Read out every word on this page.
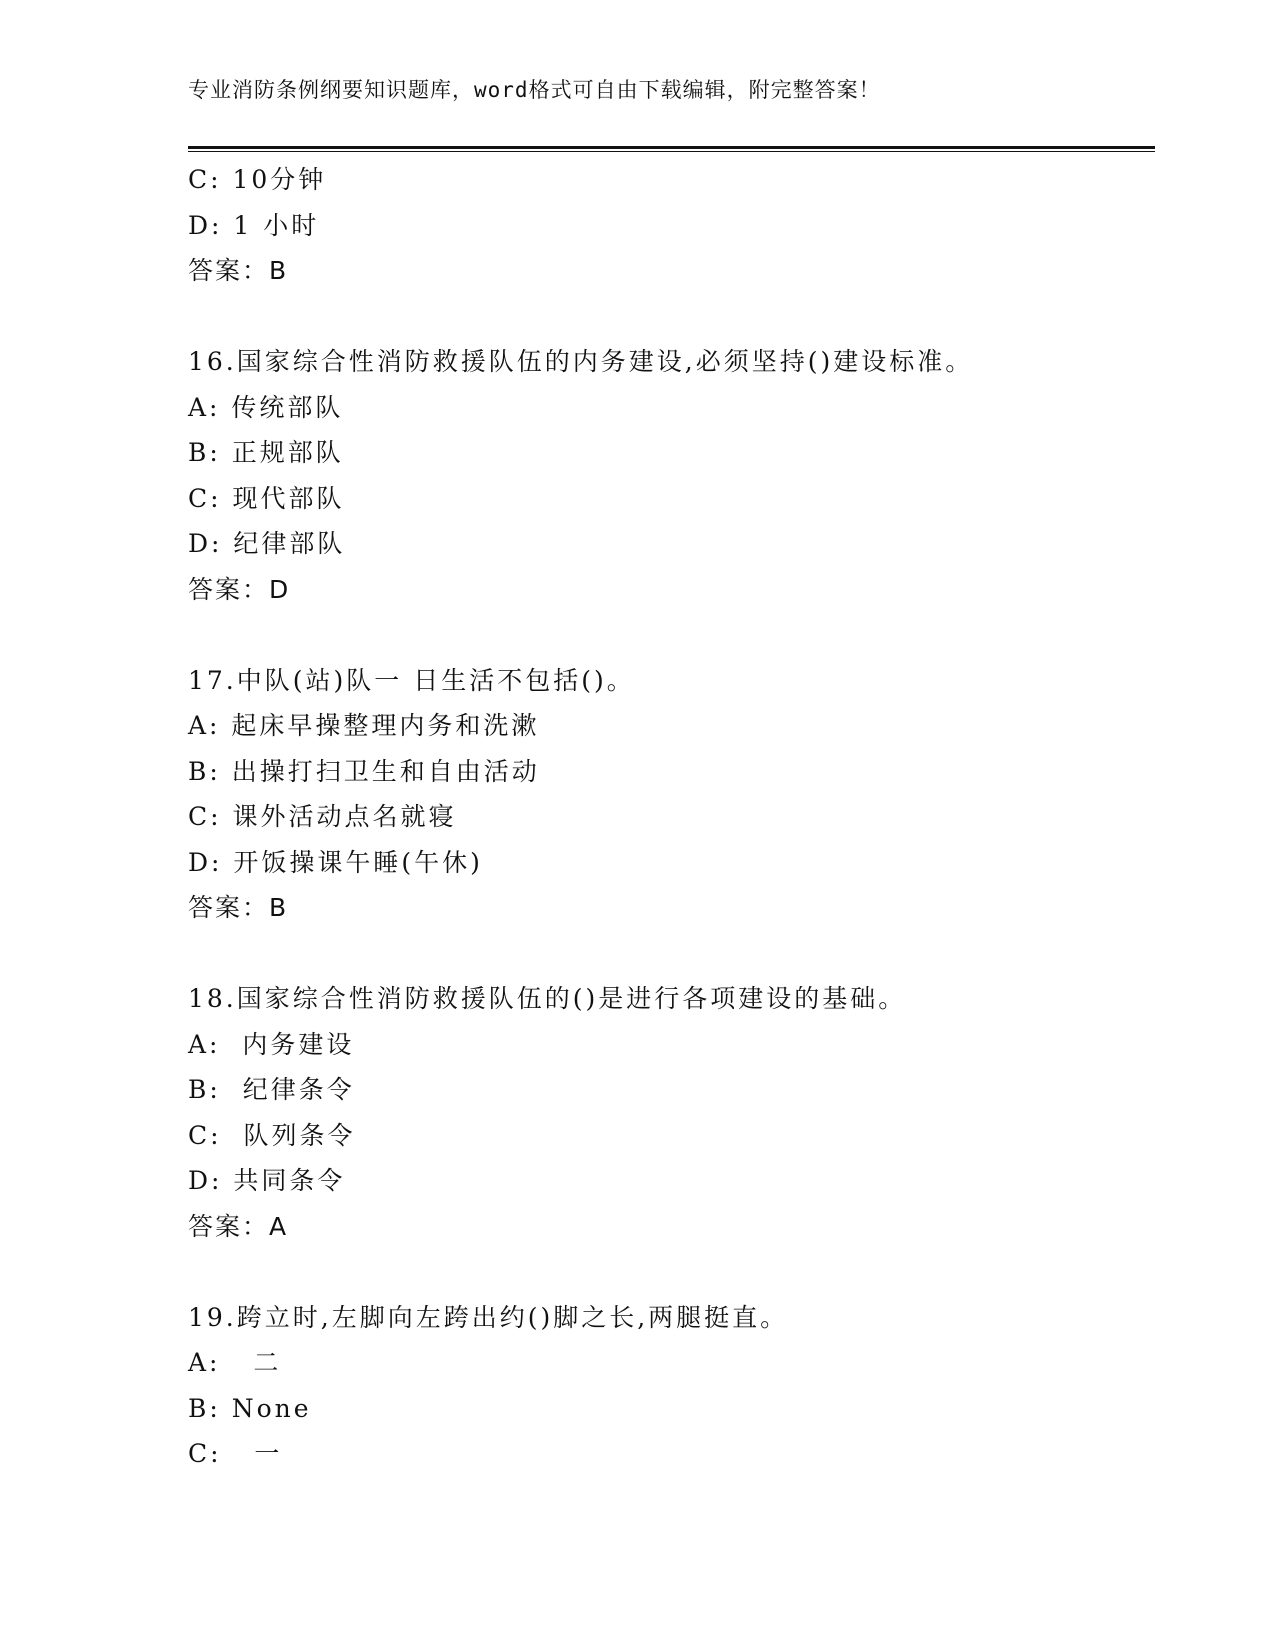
专业消防条例纲要知识题库，word格式可自由下载编辑，附完整答案！
C: 10分钟
D: 1 小时
答案：B
16.国家综合性消防救援队伍的内务建设,必须坚持()建设标准。
A: 传统部队
B: 正规部队
C: 现代部队
D: 纪律部队
答案：D
17.中队(站)队一 日生活不包括()。
A: 起床早操整理内务和洗漱
B: 出操打扫卫生和自由活动
C: 课外活动点名就寝
D: 开饭操课午睡(午休)
答案：B
18.国家综合性消防救援队伍的()是进行各项建设的基础。
A:  内务建设
B:  纪律条令
C:  队列条令
D: 共同条令
答案：A
19.跨立时,左脚向左跨出约()脚之长,两腿挺直。
A:   二
B: None
C:   一
